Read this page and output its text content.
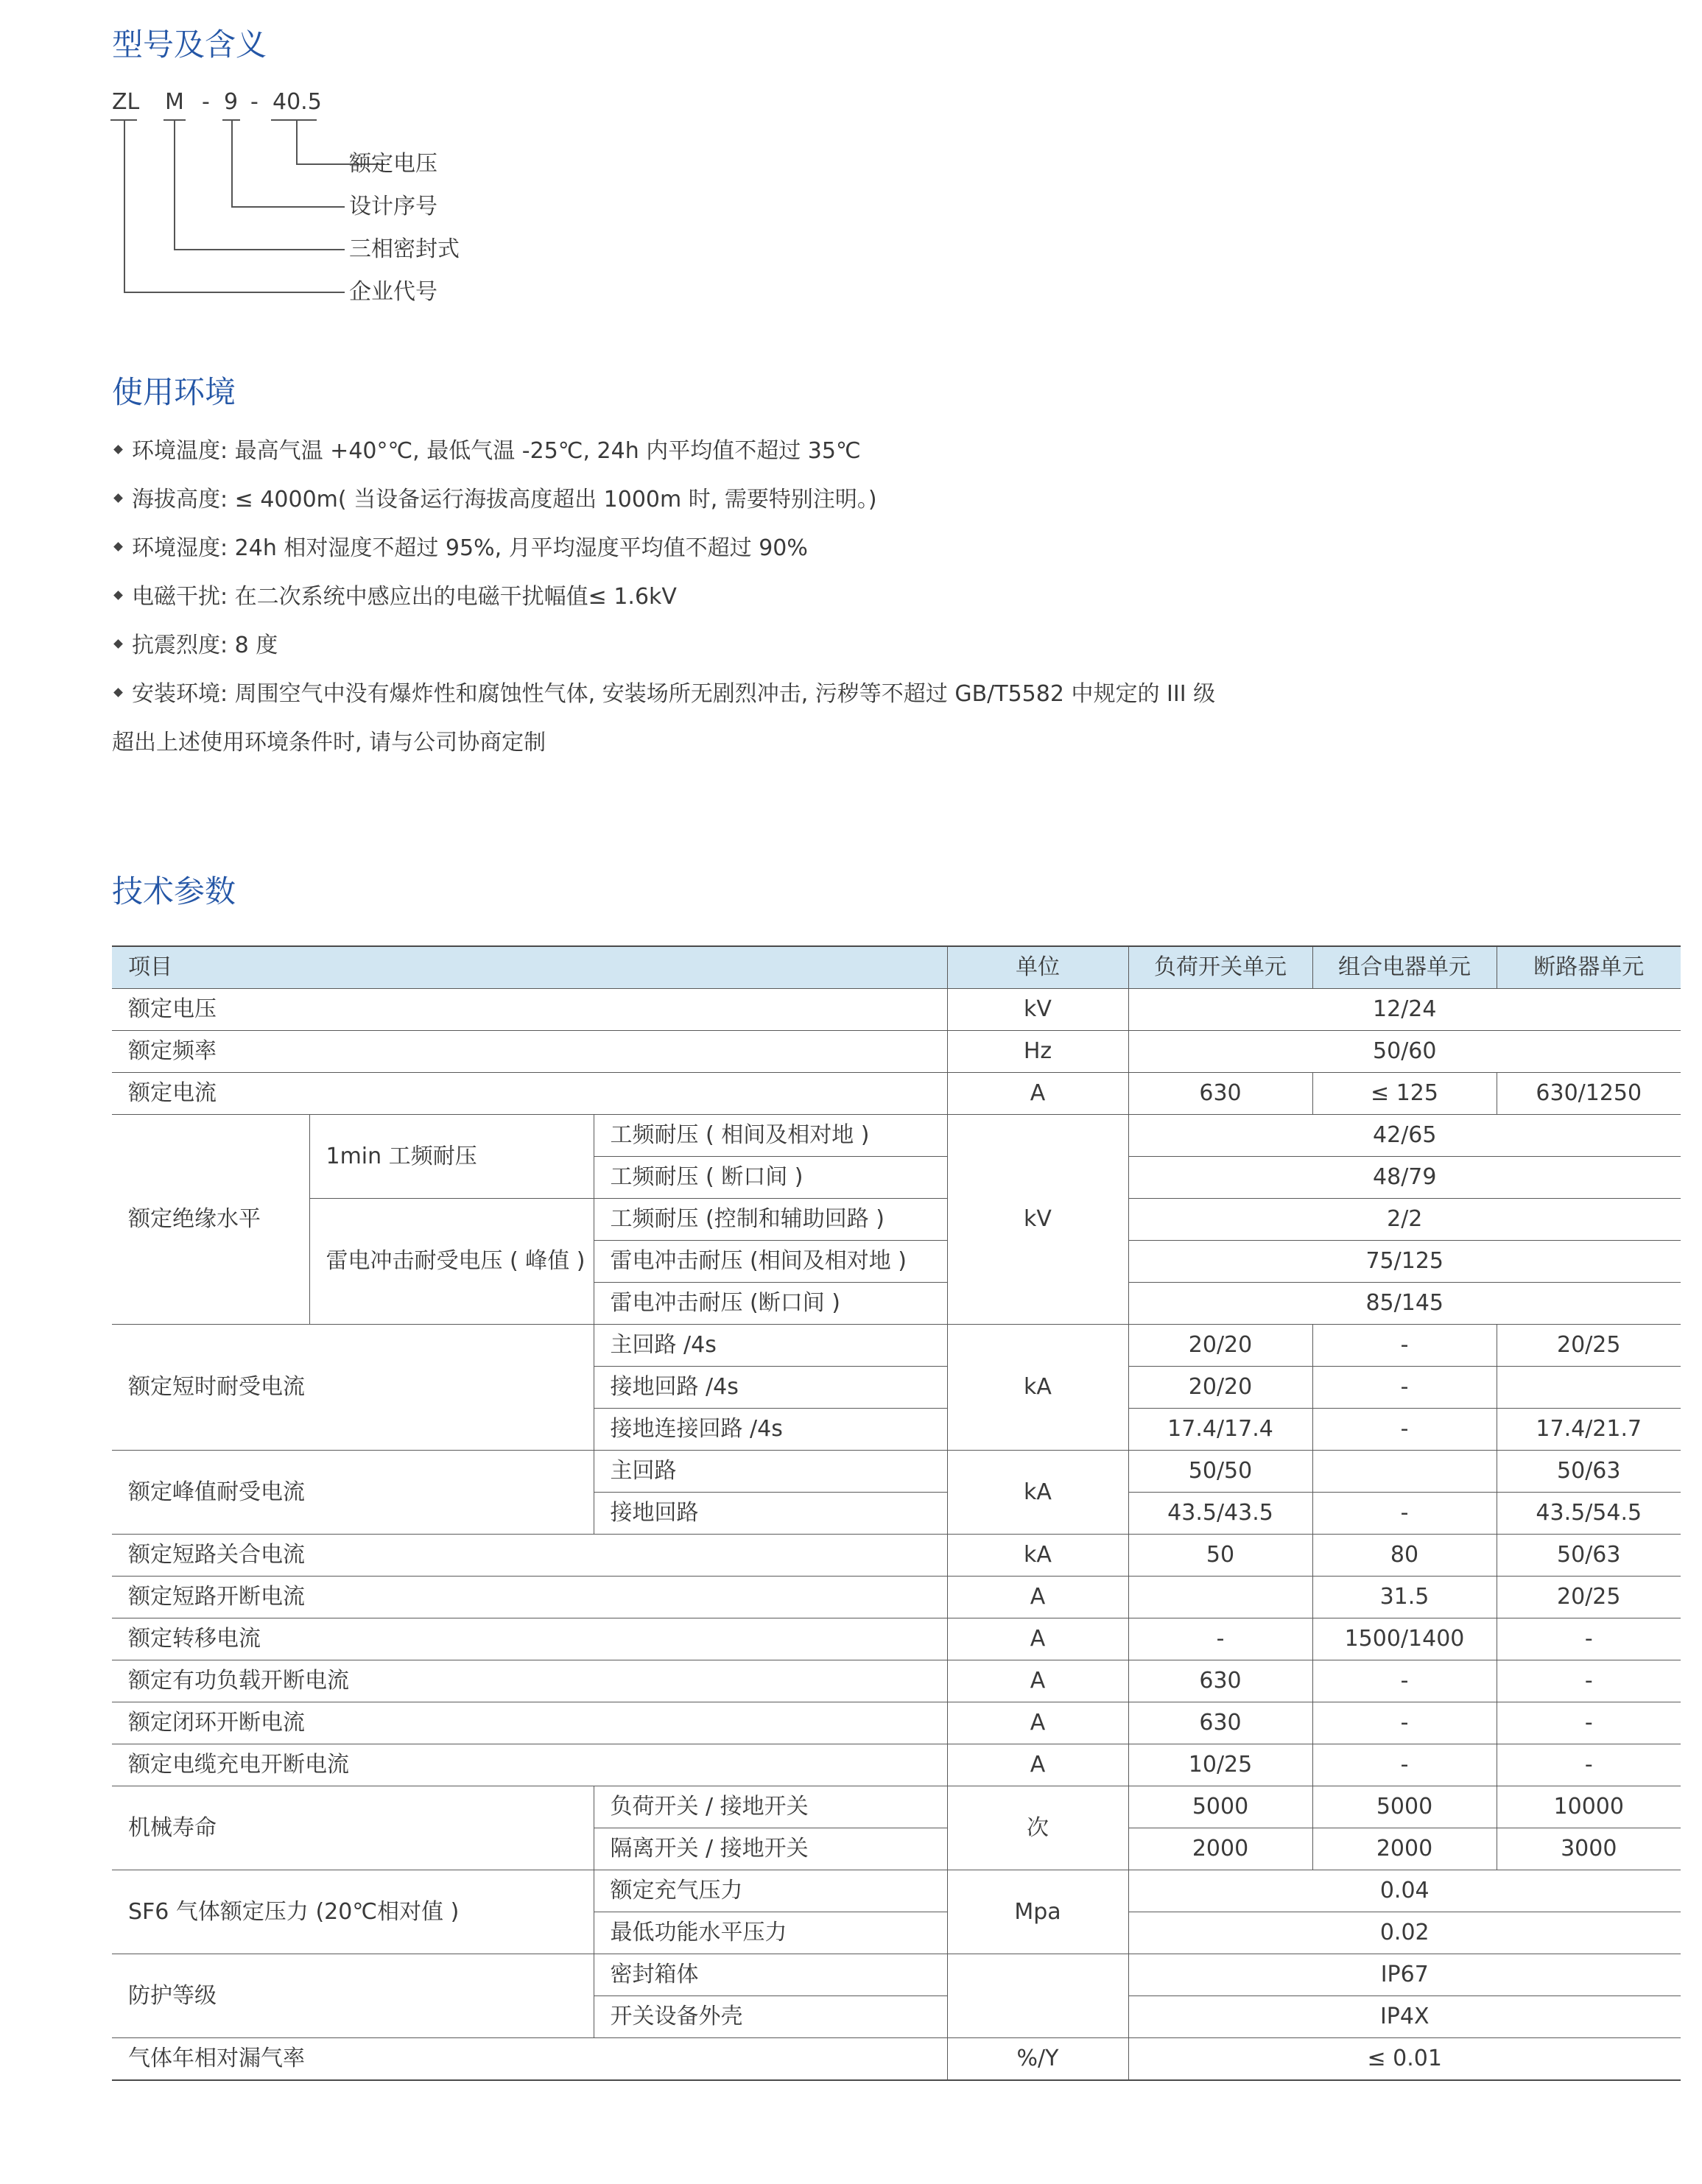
型号及含义
ZL M - 9 - 40.5
额定电压
设计序号
三相密封式
企业代号
使用环境
环境温度: 最高气温 +40°℃, 最低气温 -25℃, 24h 内平均值不超过 35℃
海拔高度: ≤ 4000m( 当设备运行海拔高度超出 1000m 时, 需要特别注明。)
环境湿度: 24h 相对湿度不超过 95%, 月平均湿度平均值不超过 90%
电磁干扰: 在二次系统中感应出的电磁干扰幅值≤ 1.6kV
抗震烈度: 8 度
安装环境: 周围空气中没有爆炸性和腐蚀性气体, 安装场所无剧烈冲击, 污秽等不超过 GB/T5582 中规定的 III 级
超出上述使用环境条件时, 请与公司协商定制
技术参数
项目			单位	负荷开关单元	组合电器单元	断路器单元
额定电压			kV	12/24		
额定频率			Hz	50/60		
额定电流			A	630	≤ 125	630/1250
额定绝缘水平	1min 工频耐压	工频耐压 ( 相间及相对地 )	kV	42/65		
		工频耐压 ( 断口间 )		48/79		
	雷电冲击耐受电压 ( 峰值 )	工频耐压 (控制和辅助回路 )		2/2		
		雷电冲击耐压 (相间及相对地 )		75/125		
		雷电冲击耐压 (断口间 )		85/145		
额定短时耐受电流		主回路 /4s	kA	20/20	-	20/25
		接地回路 /4s		20/20	-	
		接地连接回路 /4s		17.4/17.4	-	17.4/21.7
额定峰值耐受电流		主回路	kA	50/50		50/63
		接地回路		43.5/43.5	-	43.5/54.5
额定短路关合电流			kA	50	80	50/63
额定短路开断电流			A		31.5	20/25
额定转移电流			A	-	1500/1400	-
额定有功负载开断电流			A	630	-	-
额定闭环开断电流			A	630	-	-
额定电缆充电开断电流			A	10/25	-	-
机械寿命		负荷开关 / 接地开关	次	5000	5000	10000
		隔离开关 / 接地开关		2000	2000	3000
SF6 气体额定压力 (20℃相对值 )		额定充气压力	Mpa	0.04		
		最低功能水平压力		0.02		
防护等级		密封箱体		IP67		
		开关设备外壳		IP4X		
气体年相对漏气率			%/Y	≤ 0.01		
